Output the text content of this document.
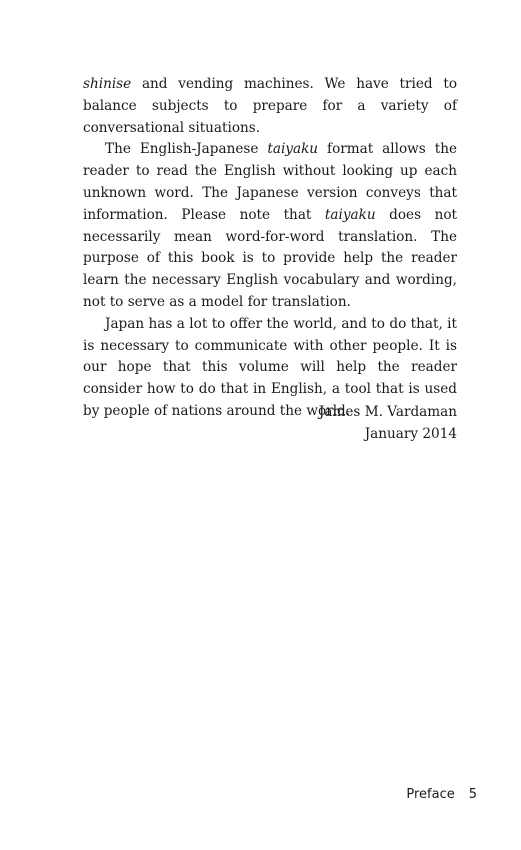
shinise and vending machines. We have tried to balance subjects to prepare for a variety of conversational situations.

The English-Japanese taiyaku format allows the reader to read the English without looking up each unknown word. The Japanese version conveys that information. Please note that taiyaku does not necessarily mean word-for-word translation. The purpose of this book is to provide help the reader learn the necessary English vocabulary and wording, not to serve as a model for translation.

Japan has a lot to offer the world, and to do that, it is necessary to communicate with other people. It is our hope that this volume will help the reader consider how to do that in English, a tool that is used by people of nations around the world.

James M. Vardaman
January 2014
Preface 5
